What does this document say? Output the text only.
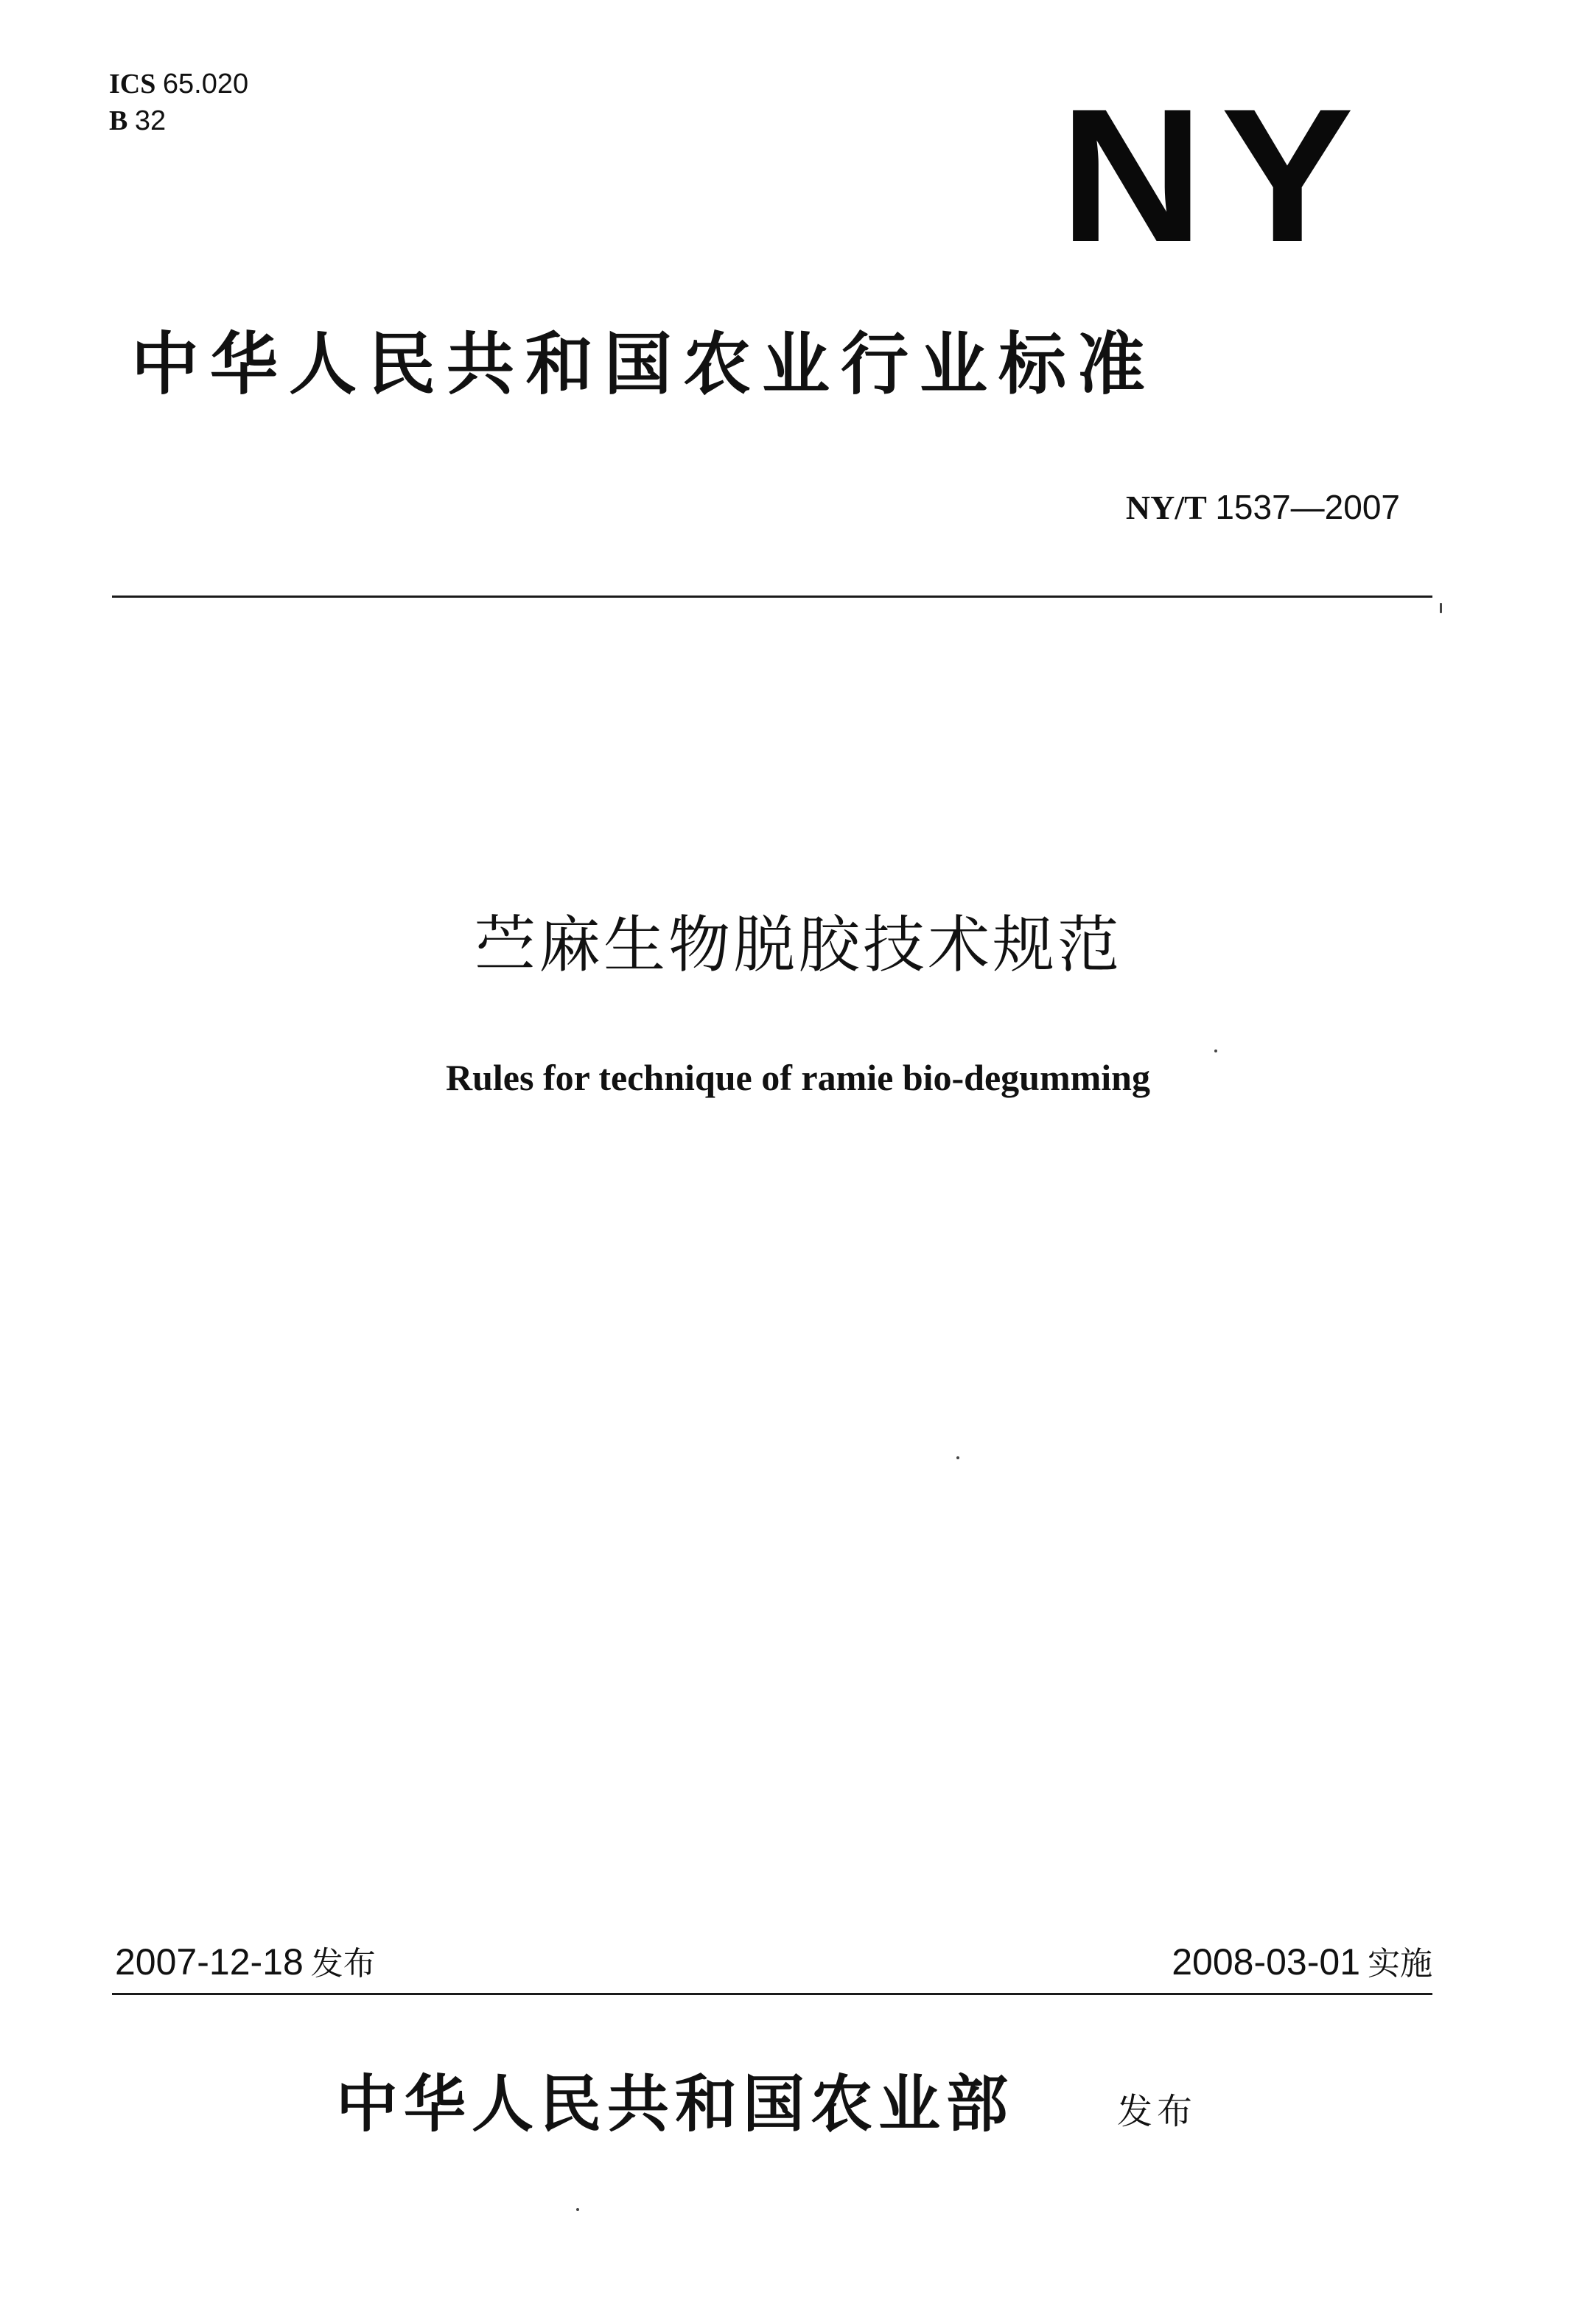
ICS 65.020
B 32	NY
中华人民共和国农业行业标准
NY/T 1537—2007
苎麻生物脱胶技术规范
Rules for technique of ramie bio-degumming
2007-12-18 发布	2008-03-01 实施
中华人民共和国农业部	发布
